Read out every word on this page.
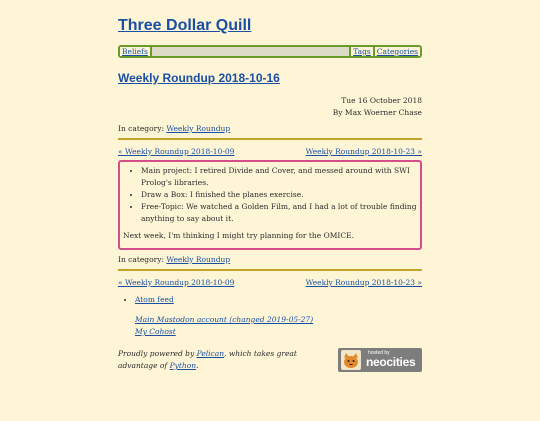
Three Dollar Quill
Beliefs	Tags Categories
Weekly Roundup 2018-10-16
Tue 16 October 2018
By Max Woerner Chase
In category: Weekly Roundup
« Weekly Roundup 2018-10-09	Weekly Roundup 2018-10-23 »
• Main project: I retired Divide and Cover, and messed around with SWI Prolog's libraries.
• Draw a Box: I finished the planes exercise.
• Free-Topic: We watched a Golden Film, and I had a lot of trouble finding anything to say about it.

Next week, I'm thinking I might try planning for the OMICE.

In category: Weekly Roundup
« Weekly Roundup 2018-10-09	Weekly Roundup 2018-10-23 »
• Atom feed
Main Mastodon account (changed 2019-05-27)
My Cohost
Proudly powered by Pelican, which takes great advantage of Python.
hosted by
neocities
